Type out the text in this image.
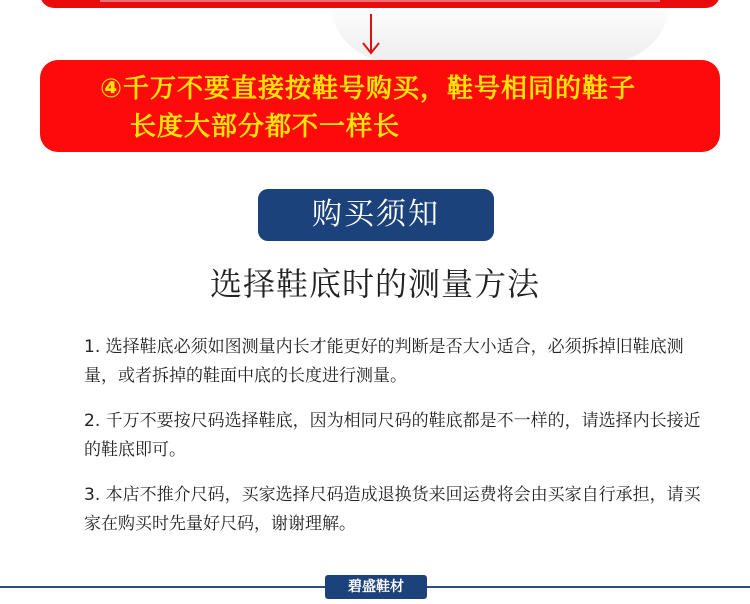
④千万不要直接按鞋号购买，鞋号相同的鞋子
长度大部分都不一样长
购买须知
选择鞋底时的测量方法

1. 选择鞋底必须如图测量内长才能更好的判断是否大小适合，必须拆掉旧鞋底测量，或者拆掉的鞋面中底的长度进行测量。

2. 千万不要按尺码选择鞋底，因为相同尺码的鞋底都是不一样的，请选择内长接近的鞋底即可。

3. 本店不推介尺码，买家选择尺码造成退换货来回运费将会由买家自行承担，请买家在购买时先量好尺码，谢谢理解。

碧盛鞋材
